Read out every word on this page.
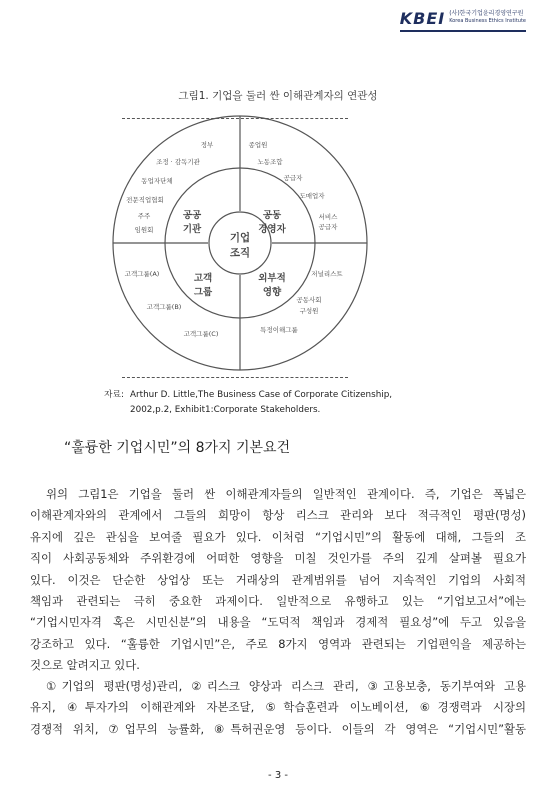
KBEI (사)한국기업윤리경영연구원
Korea Business Ethics Institute
그림1. 기업을 둘러 싼 이해관계자의 연관성
기업
조직
공공
기관
공동
경영자
고객
그룹
외부적
영향
정부
조정 · 감독기관
동업자단체
전문직업협회
주주
임원회
종업원
노동조합
공급자
도매업자
서비스
공급자
고객그룹(A)
고객그룹(B)
고객그룹(C)
저널리스트
공동사회
구성원
특정이해그룹
자료: Arthur D. Little,The Business Case of Corporate Citizenship,
2002,p.2, Exhibit1:Corporate Stakeholders.
“훌륭한 기업시민”의 8가지 기본요건
위의 그림1은 기업을 둘러 싼 이해관계자들의 일반적인 관계이다. 즉, 기업은 폭넓은
이해관계자와의 관계에서 그들의 희망이 항상 리스크 관리와 보다 적극적인 평판(명성)
유지에 깊은 관심을 보여줄 필요가 있다. 이처럼 “기업시민”의 활동에 대해, 그들의 조
직이 사회공동체와 주위환경에 어떠한 영향을 미칠 것인가를 주의 깊게 살펴볼 필요가
있다. 이것은 단순한 상업상 또는 거래상의 관계범위를 넘어 지속적인 기업의 사회적
책임과 관련되는 극히 중요한 과제이다. 일반적으로 유행하고 있는 “기업보고서”에는
“기업시민자격 혹은 시민신분”의 내용을 “도덕적 책임과 경제적 필요성”에 두고 있음을
강조하고 있다. “훌륭한 기업시민”은, 주로 8가지 영역과 관련되는 기업편익을 제공하는
것으로 알려지고 있다.
①기업의 평판(명성)관리, ②리스크 양상과 리스크 관리, ③고용보충, 동기부여와 고용
유지, ④투자가의 이해관계와 자본조달, ⑤학습훈련과 이노베이션, ⑥경쟁력과 시장의
경쟁적 위치, ⑦업무의 능률화, ⑧특허권운영 등이다. 이들의 각 영역은 “기업시민”활동
- 3 -
